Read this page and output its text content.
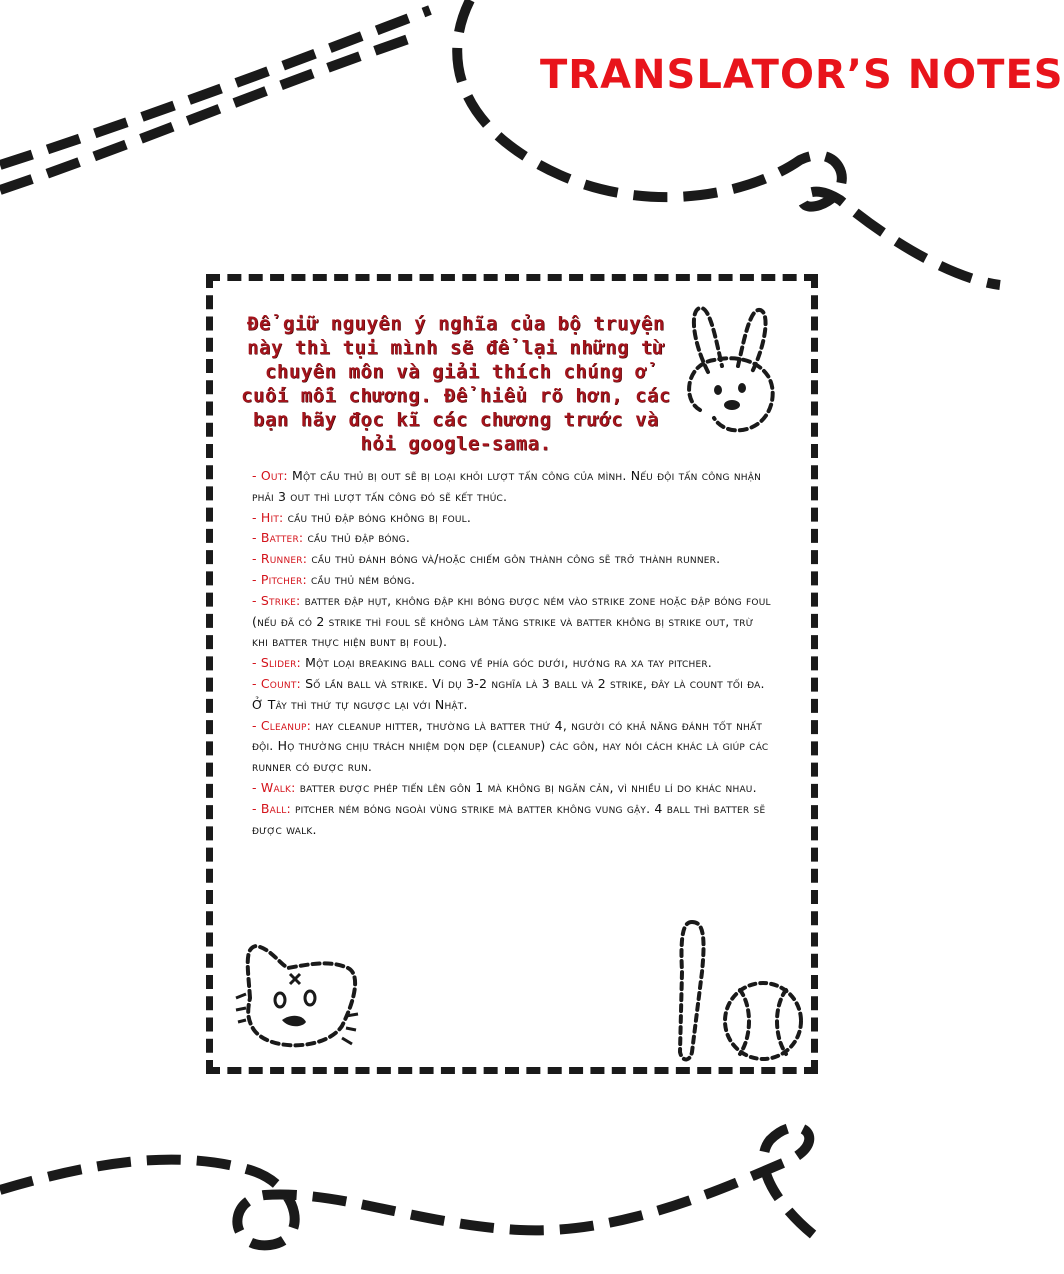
TRANSLATOR’S NOTES
Để giữ nguyên ý nghĩa của bộ truyện này thì tụi mình sẽ để lại những từ chuyên môn và giải thích chúng ở cuối mỗi chương. Để hiểu rõ hơn, các bạn hãy đọc kĩ các chương trước và hỏi google-sama.

- Out: Một cầu thủ bị out sẽ bị loại khỏi lượt tấn công của mình. Nếu đội tấn công nhận phải 3 out thì lượt tấn công đó sẽ kết thúc.

- Hit: cầu thủ đập bóng không bị foul.

- Batter: cầu thủ đập bóng.

- Runner: cầu thủ đánh bóng và/hoặc chiếm gôn thành công sẽ trở thành runner.

- Pitcher: cầu thủ ném bóng.

- Strike: batter đập hụt, không đập khi bóng được ném vào strike zone hoặc đập bóng foul (nếu đã có 2 strike thì foul sẽ không làm tăng strike và batter không bị strike out, trừ khi batter thực hiện bunt bị foul).

- Slider: Một loại breaking ball cong về phía góc dưới, hướng ra xa tay pitcher.

- Count: Số lần ball và strike. Ví dụ 3-2 nghĩa là 3 ball và 2 strike, đây là count tối đa. Ở Tây thì thứ tự ngược lại với Nhật.

- Cleanup: hay cleanup hitter, thường là batter thứ 4, người có khả năng đánh tốt nhất đội. Họ thường chịu trách nhiệm dọn dẹp (cleanup) các gôn, hay nói cách khác là giúp các runner có được run.

- Walk: batter được phép tiến lên gôn 1 mà không bị ngăn cản, vì nhiều lí do khác nhau.

- Ball: pitcher ném bóng ngoài vùng strike mà batter không vung gậy. 4 ball thì batter sẽ được walk.
